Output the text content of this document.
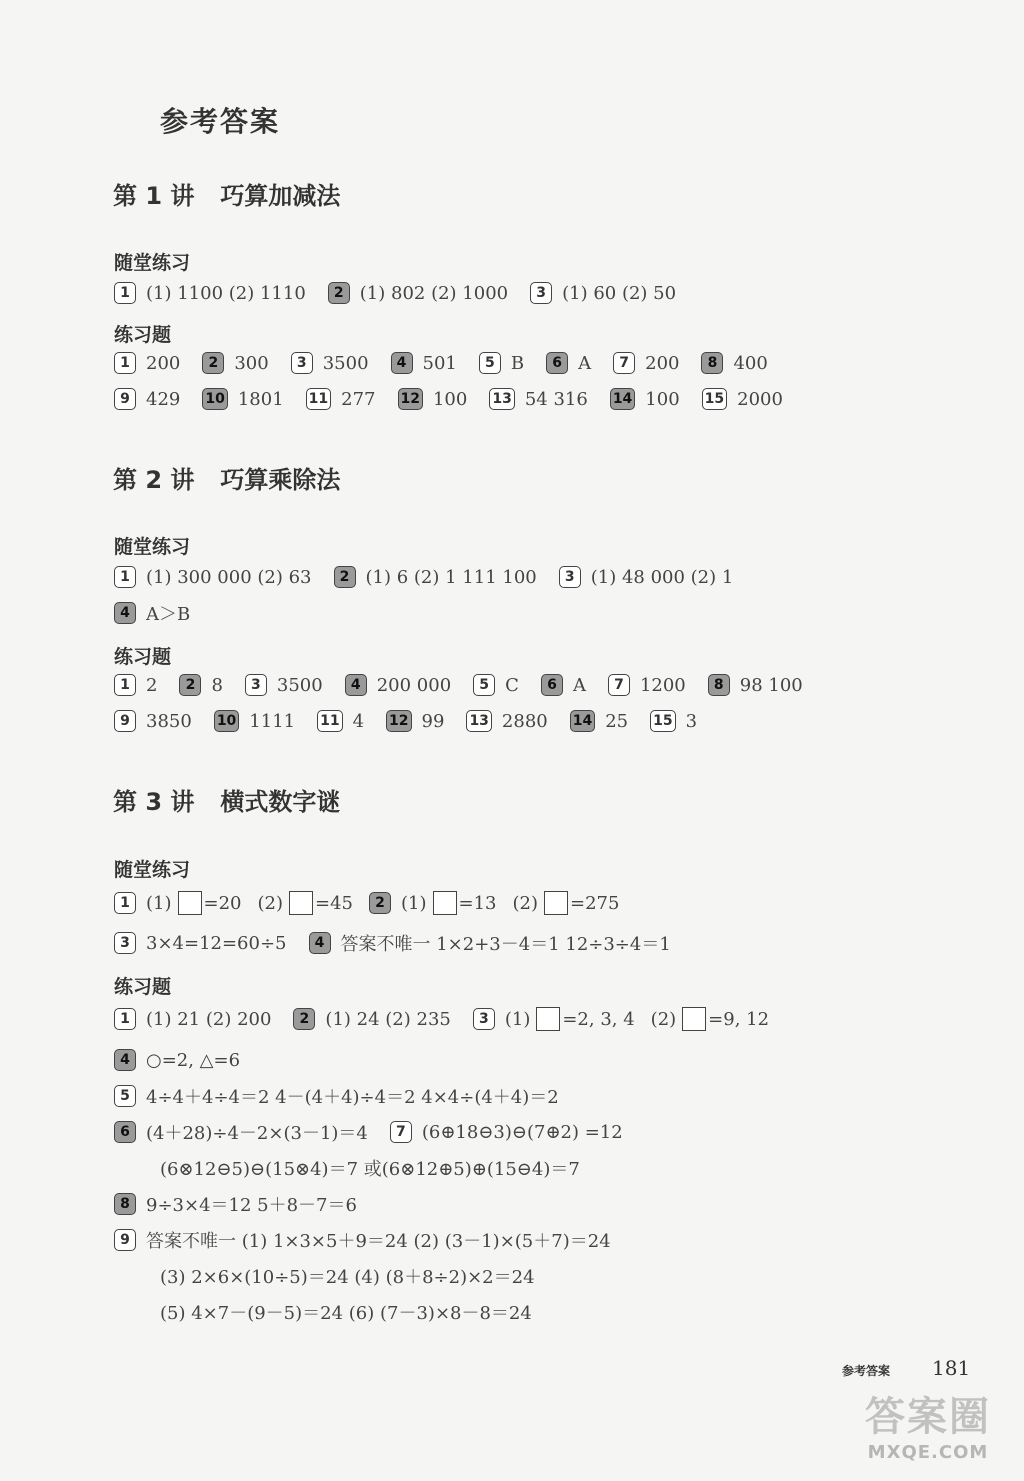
参考答案
第 1 讲 巧算加减法
随堂练习
1 (1) 1100 (2) 1110	2 (1) 802 (2) 1000	3 (1) 60 (2) 50
练习题
1 200	2 300	3 3500	4 501	5 B	6 A	7 200	8 400
9 429 10 1801 11 277 12 100 13 54 316 14 100 15 2000
第 2 讲 巧算乘除法
随堂练习
1 (1) 300 000 (2) 63	2 (1) 6 (2) 1 111 100	3 (1) 48 000 (2) 1
4 A＞B
练习题
1 2	2 8	3 3500	4 200 000	5 C	6 A	7 1200	8 98 100
9 3850 10 1111 11 4 12 99 13 2880 14 25 15 3
第 3 讲 横式数字谜
随堂练习
1 (1) =20 (2) =45	2 (1) =13 (2) =275
3 3×4=12=60÷5	4 答案不唯一 1×2+3－4＝1 12÷3÷4＝1
练习题
1 (1) 21 (2) 200	2 (1) 24 (2) 235	3 (1) =2, 3, 4 (2) =9, 12
4 ○=2, △=6
5 4÷4＋4÷4＝2 4－(4＋4)÷4＝2 4×4÷(4＋4)＝2
6 (4＋28)÷4－2×(3－1)＝4	7 (6⊕18⊖3)⊖(7⊕2) =12
(6⊗12⊖5)⊖(15⊗4)＝7 或(6⊗12⊕5)⊕(15⊖4)＝7
8 9÷3×4＝12 5＋8－7＝6
9 答案不唯一 (1) 1×3×5＋9＝24 (2) (3－1)×(5＋7)＝24
(3) 2×6×(10÷5)＝24 (4) (8＋8÷2)×2＝24
(5) 4×7－(9－5)＝24 (6) (7－3)×8－8＝24
参考答案 181
答案圈
MXQE.COM
